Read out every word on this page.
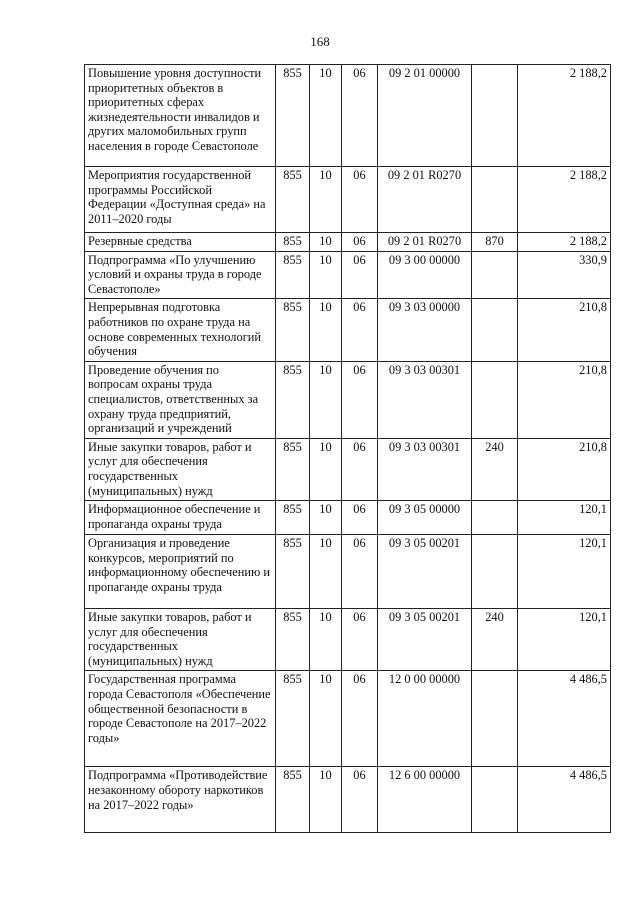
168
Повышение уровня доступности приоритетных объектов в приоритетных сферах жизнедеятельности инвалидов и других маломобильных групп населения в городе Севастополе	855	10	06	09 2 01 00000		2 188,2
Мероприятия государственной программы Российской Федерации «Доступная среда» на 2011–2020 годы	855	10	06	09 2 01 R0270		2 188,2
Резервные средства	855	10	06	09 2 01 R0270	870	2 188,2
Подпрограмма «По улучшению условий и охраны труда в городе Севастополе»	855	10	06	09 3 00 00000		330,9
Непрерывная подготовка работников по охране труда на основе современных технологий обучения	855	10	06	09 3 03 00000		210,8
Проведение обучения по вопросам охраны труда специалистов, ответственных за охрану труда предприятий, организаций и учреждений	855	10	06	09 3 03 00301		210,8
Иные закупки товаров, работ и услуг для обеспечения государственных (муниципальных) нужд	855	10	06	09 3 03 00301	240	210,8
Информационное обеспечение и пропаганда охраны труда	855	10	06	09 3 05 00000		120,1
Организация и проведение конкурсов, мероприятий по информационному обеспечению и пропаганде охраны труда	855	10	06	09 3 05 00201		120,1
Иные закупки товаров, работ и услуг для обеспечения государственных (муниципальных) нужд	855	10	06	09 3 05 00201	240	120,1
Государственная программа города Севастополя «Обеспечение общественной безопасности в городе Севастополе на 2017–2022 годы»	855	10	06	12 0 00 00000		4 486,5
Подпрограмма «Противодействие незаконному обороту наркотиков на 2017–2022 годы»	855	10	06	12 6 00 00000		4 486,5
